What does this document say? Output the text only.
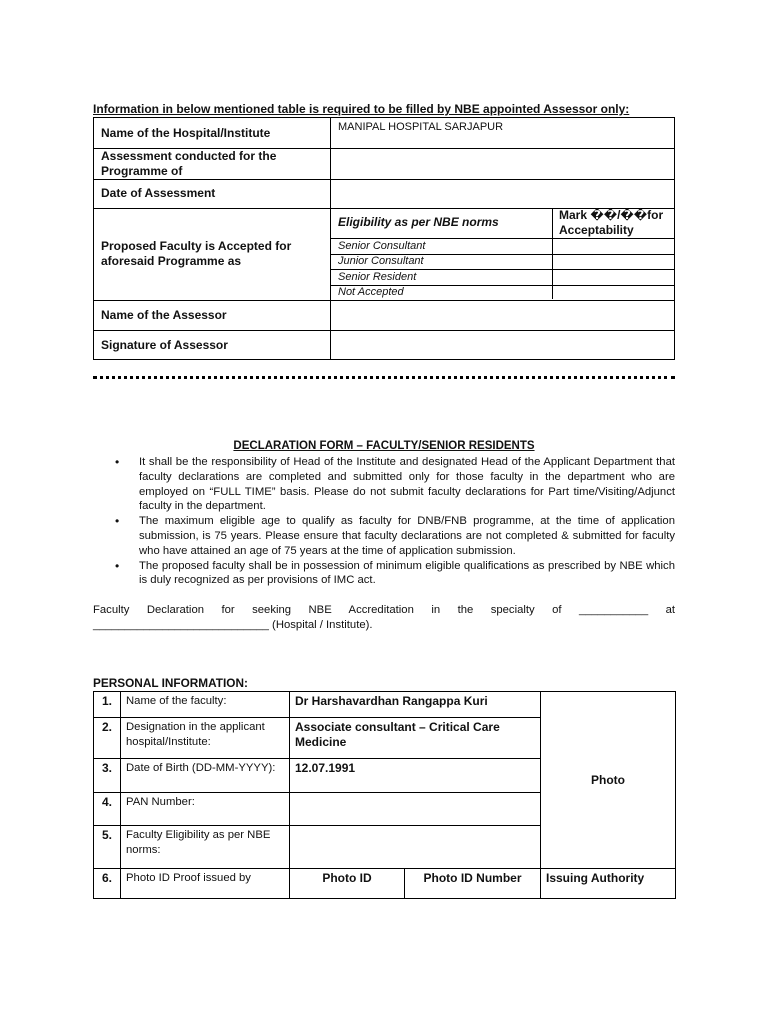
Information in below mentioned table is required to be filled by NBE appointed Assessor only:
Name of the Hospital/Institute	MANIPAL HOSPITAL SARJAPUR
Assessment conducted for the Programme of
Date of Assessment
Proposed Faculty is Accepted for aforesaid Programme as
Eligibility as per NBE norms	Mark ��/��for Acceptability
Senior Consultant
Junior Consultant
Senior Resident
Not Accepted
Name of the Assessor
Signature of Assessor
DECLARATION FORM – FACULTY/SENIOR RESIDENTS
• It shall be the responsibility of Head of the Institute and designated Head of the Applicant Department that faculty declarations are completed and submitted only for those faculty in the department who are employed on “FULL TIME” basis. Please do not submit faculty declarations for Part time/Visiting/Adjunct faculty in the department.
• The maximum eligible age to qualify as faculty for DNB/FNB programme, at the time of application submission, is 75 years. Please ensure that faculty declarations are not completed & submitted for faculty who have attained an age of 75 years at the time of application submission.
• The proposed faculty shall be in possession of minimum eligible qualifications as prescribed by NBE which is duly recognized as per provisions of IMC act.
Faculty Declaration for seeking NBE Accreditation in the specialty of ___________ at
____________________________ (Hospital / Institute).
PERSONAL INFORMATION:
1.	Name of the faculty:	Dr Harshavardhan Rangappa Kuri		Photo
2.	Designation in the applicant hospital/Institute:	Associate consultant – Critical Care Medicine		
3.	Date of Birth (DD-MM-YYYY):	12.07.1991		
4.	PAN Number:			
5.	Faculty Eligibility as per NBE norms:			
6.	Photo ID Proof issued by	Photo ID	Photo ID Number	Issuing Authority
